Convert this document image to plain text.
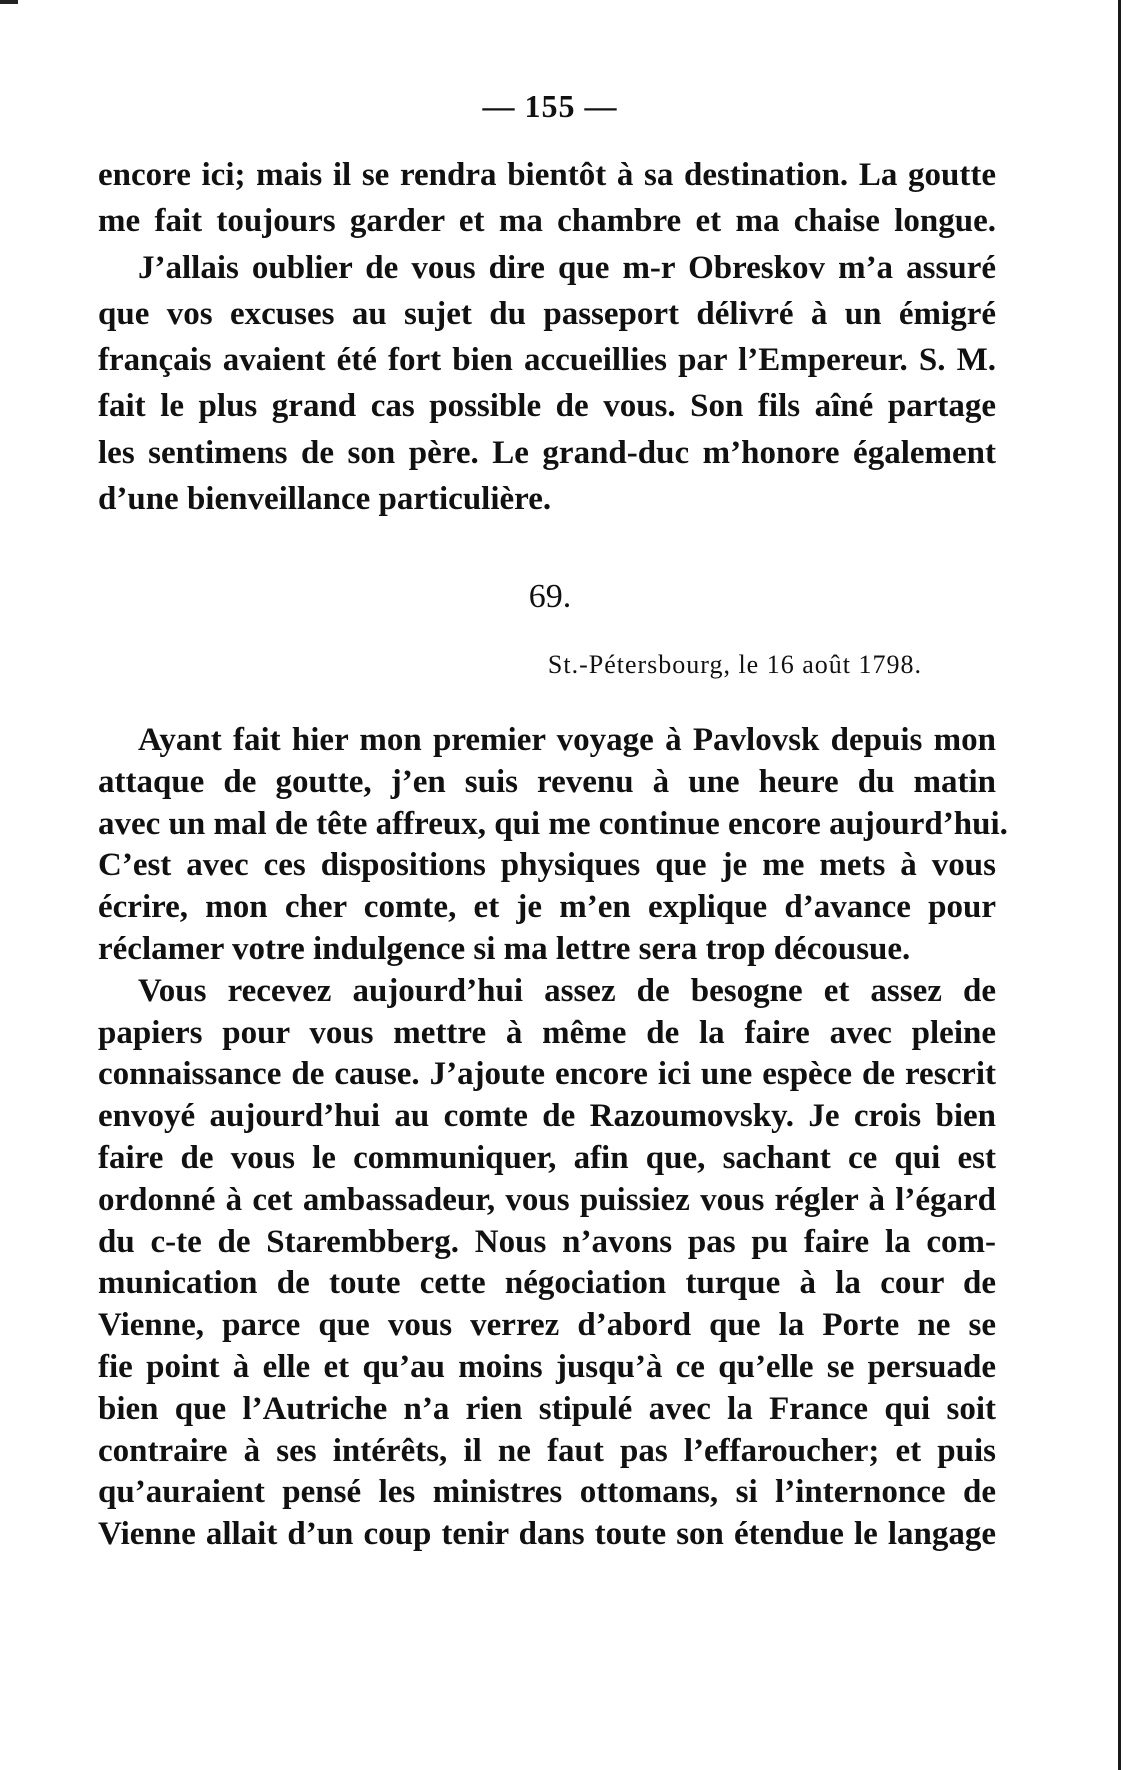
— 155 —
encore ici; mais il se rendra bientôt à sa destination. La goutte
me fait toujours garder et ma chambre et ma chaise longue.
J’allais oublier de vous dire que m-r Obreskov m’a assuré
que vos excuses au sujet du passeport délivré à un émigré
français avaient été fort bien accueillies par l’Empereur. S. M.
fait le plus grand cas possible de vous. Son fils aîné partage
les sentimens de son père. Le grand-duc m’honore également
d’une bienveillance particulière.
69.
St.-Pétersbourg, le 16 août 1798.
Ayant fait hier mon premier voyage à Pavlovsk depuis mon
attaque de goutte, j’en suis revenu à une heure du matin
avec un mal de tête affreux, qui me continue encore aujourd’hui.
C’est avec ces dispositions physiques que je me mets à vous
écrire, mon cher comte, et je m’en explique d’avance pour
réclamer votre indulgence si ma lettre sera trop décousue.
Vous recevez aujourd’hui assez de besogne et assez de
papiers pour vous mettre à même de la faire avec pleine
connaissance de cause. J’ajoute encore ici une espèce de rescrit
envoyé aujourd’hui au comte de Razoumovsky. Je crois bien
faire de vous le communiquer, afin que, sachant ce qui est
ordonné à cet ambassadeur, vous puissiez vous régler à l’égard
du c-te de Starembberg. Nous n’avons pas pu faire la com-
munication de toute cette négociation turque à la cour de
Vienne, parce que vous verrez d’abord que la Porte ne se
fie point à elle et qu’au moins jusqu’à ce qu’elle se persuade
bien que l’Autriche n’a rien stipulé avec la France qui soit
contraire à ses intérêts, il ne faut pas l’effaroucher; et puis
qu’auraient pensé les ministres ottomans, si l’internonce de
Vienne allait d’un coup tenir dans toute son étendue le langage
